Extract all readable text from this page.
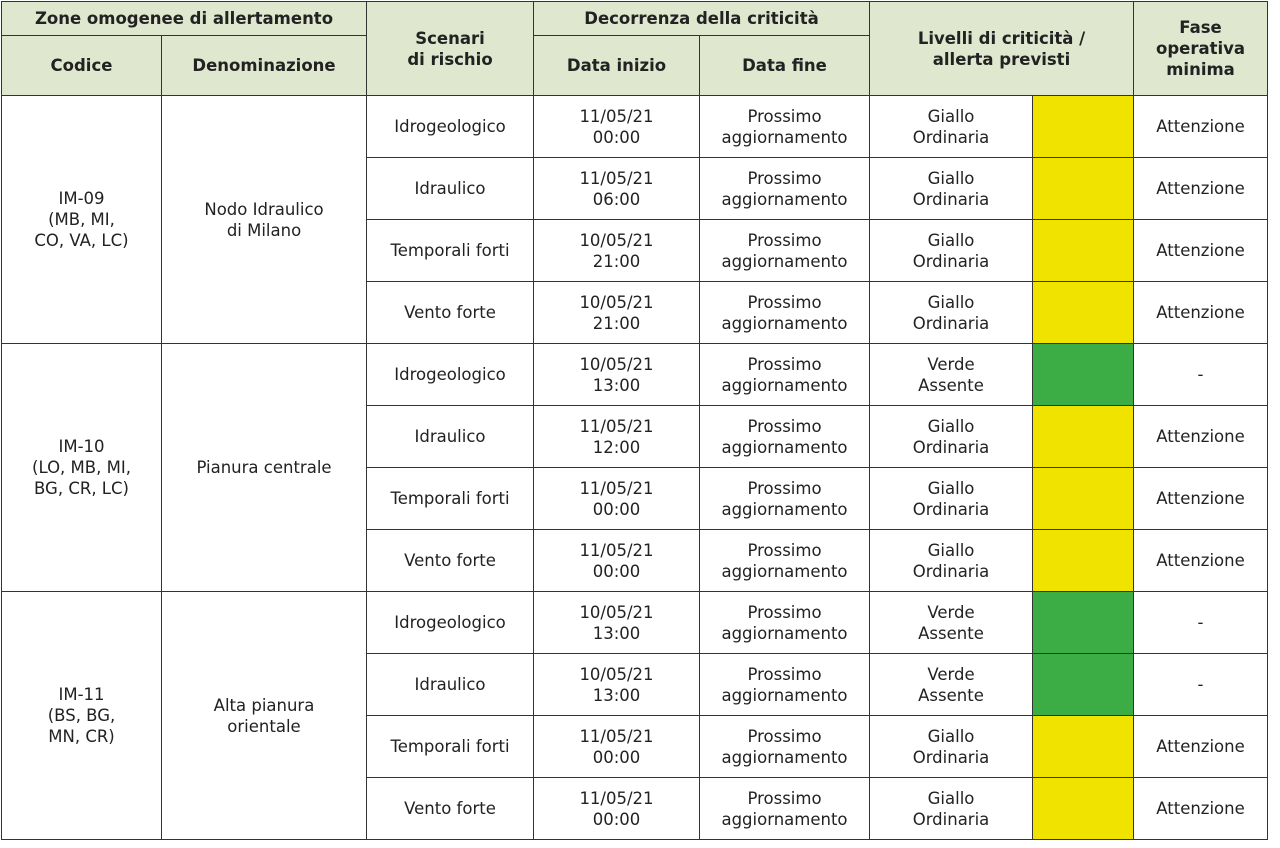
Zone omogenee di allertamento		Scenari
di rischio	Decorrenza della criticità		Livelli di criticità /
allerta previsti		Fase
operativa
minima
Codice	Denominazione		Data inizio	Data fine			
IM-09
(MB, MI,
CO, VA, LC)	Nodo Idraulico
di Milano	Idrogeologico	11/05/21
00:00	Prossimo
aggiornamento	Giallo
Ordinaria		Attenzione
		Idraulico	11/05/21
06:00	Prossimo
aggiornamento	Giallo
Ordinaria		Attenzione
		Temporali forti	10/05/21
21:00	Prossimo
aggiornamento	Giallo
Ordinaria		Attenzione
		Vento forte	10/05/21
21:00	Prossimo
aggiornamento	Giallo
Ordinaria		Attenzione
IM-10
(LO, MB, MI,
BG, CR, LC)	Pianura centrale	Idrogeologico	10/05/21
13:00	Prossimo
aggiornamento	Verde
Assente		-
		Idraulico	11/05/21
12:00	Prossimo
aggiornamento	Giallo
Ordinaria		Attenzione
		Temporali forti	11/05/21
00:00	Prossimo
aggiornamento	Giallo
Ordinaria		Attenzione
		Vento forte	11/05/21
00:00	Prossimo
aggiornamento	Giallo
Ordinaria		Attenzione
IM-11
(BS, BG,
MN, CR)	Alta pianura
orientale	Idrogeologico	10/05/21
13:00	Prossimo
aggiornamento	Verde
Assente		-
		Idraulico	10/05/21
13:00	Prossimo
aggiornamento	Verde
Assente		-
		Temporali forti	11/05/21
00:00	Prossimo
aggiornamento	Giallo
Ordinaria		Attenzione
		Vento forte	11/05/21
00:00	Prossimo
aggiornamento	Giallo
Ordinaria		Attenzione
